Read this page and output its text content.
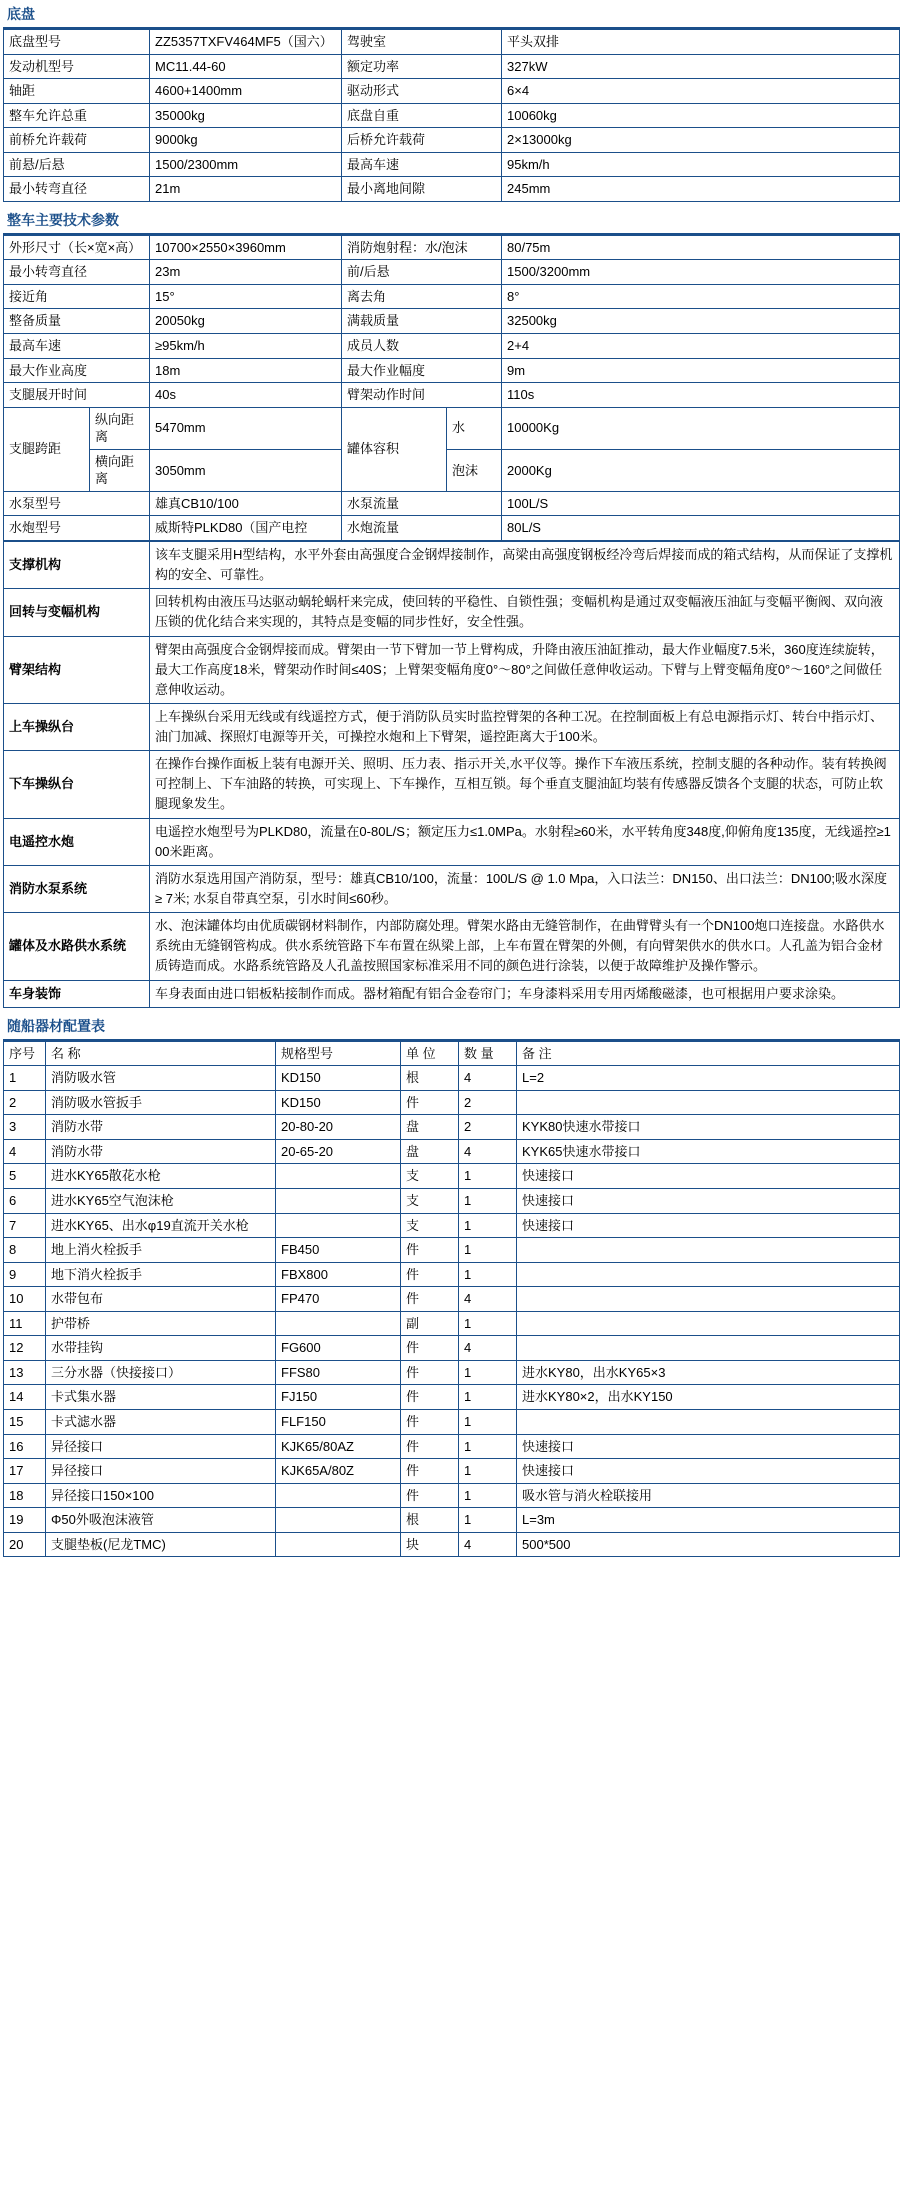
底盘
底盘型号	ZZ5357TXFV464MF5（国六）	驾驶室	平头双排
发动机型号	MC11.44-60	额定功率	327kW
轴距	4600+1400mm	驱动形式	6×4
整车允许总重	35000kg	底盘自重	10060kg
前桥允许载荷	9000kg	后桥允许载荷	2×13000kg
前悬/后悬	1500/2300mm	最高车速	95km/h
最小转弯直径	21m	最小离地间隙	245mm
整车主要技术参数
外形尺寸（长×宽×高）		10700×2550×3960mm	消防炮射程：水/泡沫		80/75m
最小转弯直径		23m	前/后悬		1500/3200mm
接近角		15°	离去角		8°
整备质量		20050kg	满载质量		32500kg
最高车速		≥95km/h	成员人数		2+4
最大作业高度		18m	最大作业幅度		9m
支腿展开时间		40s	臂架动作时间		110s
支腿跨距	纵向距离	5470mm	罐体容积	水	10000Kg
	横向距离	3050mm		泡沫	2000Kg
水泵型号		雄真CB10/100	水泵流量		100L/S
水炮型号		威斯特PLKD80（国产电控	水炮流量		80L/S
支撑机构	该车支腿采用H型结构，水平外套由高强度合金钢焊接制作，高梁由高强度钢板经冷弯后焊接而成的箱式结构，从而保证了支撑机构的安全、可靠性。
回转与变幅机构	回转机构由液压马达驱动蜗轮蜗杆来完成，使回转的平稳性、自锁性强；变幅机构是通过双变幅液压油缸与变幅平衡阀、双向液压锁的优化结合来实现的，其特点是变幅的同步性好，安全性强。
臂架结构	臂架由高强度合金钢焊接而成。臂架由一节下臂加一节上臂构成，升降由液压油缸推动，最大作业幅度7.5米，360度连续旋转，最大工作高度18米，臂架动作时间≤40S；上臂架变幅角度0°～80°之间做任意伸收运动。下臂与上臂变幅角度0°～160°之间做任意伸收运动。
上车操纵台	上车操纵台采用无线或有线遥控方式，便于消防队员实时监控臂架的各种工况。在控制面板上有总电源指示灯、转台中指示灯、油门加减、探照灯电源等开关，可操控水炮和上下臂架，遥控距离大于100米。
下车操纵台	在操作台操作面板上装有电源开关、照明、压力表、指示开关,水平仪等。操作下车液压系统，控制支腿的各种动作。装有转换阀可控制上、下车油路的转换，可实现上、下车操作，互相互锁。每个垂直支腿油缸均装有传感器反馈各个支腿的状态，可防止软腿现象发生。
电遥控水炮	电遥控水炮型号为PLKD80，流量在0-80L/S；额定压力≤1.0MPa。水射程≥60米，水平转角度348度,仰俯角度135度，无线遥控≥100米距离。
消防水泵系统	消防水泵选用国产消防泵，型号：雄真CB10/100，流量：100L/S @ 1.0 Mpa，入口法兰：DN150、出口法兰：DN100;吸水深度 ≥ 7米; 水泵自带真空泵，引水时间≤60秒。
罐体及水路供水系统	水、泡沫罐体均由优质碳钢材料制作，内部防腐处理。臂架水路由无缝管制作，在曲臂臂头有一个DN100炮口连接盘。水路供水系统由无缝钢管构成。供水系统管路下车布置在纵梁上部，上车布置在臂架的外侧，有向臂架供水的供水口。人孔盖为铝合金材质铸造而成。水路系统管路及人孔盖按照国家标准采用不同的颜色进行涂装，以便于故障维护及操作警示。
车身装饰	车身表面由进口铝板粘接制作而成。器材箱配有铝合金卷帘门；车身漆料采用专用丙烯酸磁漆，也可根据用户要求涂染。
随船器材配置表
序号	名 称	规格型号	单 位	数 量	备 注
1	消防吸水管	KD150	根	4	L=2
2	消防吸水管扳手	KD150	件	2	
3	消防水带	20-80-20	盘	2	KYK80快速水带接口
4	消防水带	20-65-20	盘	4	KYK65快速水带接口
5	进水KY65散花水枪		支	1	快速接口
6	进水KY65空气泡沫枪		支	1	快速接口
7	进水KY65、出水φ19直流开关水枪		支	1	快速接口
8	地上消火栓扳手	FB450	件	1	
9	地下消火栓扳手	FBX800	件	1	
10	水带包布	FP470	件	4	
11	护带桥		副	1	
12	水带挂钩	FG600	件	4	
13	三分水器（快接接口）	FFS80	件	1	进水KY80，出水KY65×3
14	卡式集水器	FJ150	件	1	进水KY80×2，出水KY150
15	卡式滤水器	FLF150	件	1	
16	异径接口	KJK65/80AZ	件	1	快速接口
17	异径接口	KJK65A/80Z	件	1	快速接口
18	异径接口150×100		件	1	吸水管与消火栓联接用
19	Φ50外吸泡沫液管		根	1	L=3m
20	支腿垫板(尼龙TMC)		块	4	500*500
